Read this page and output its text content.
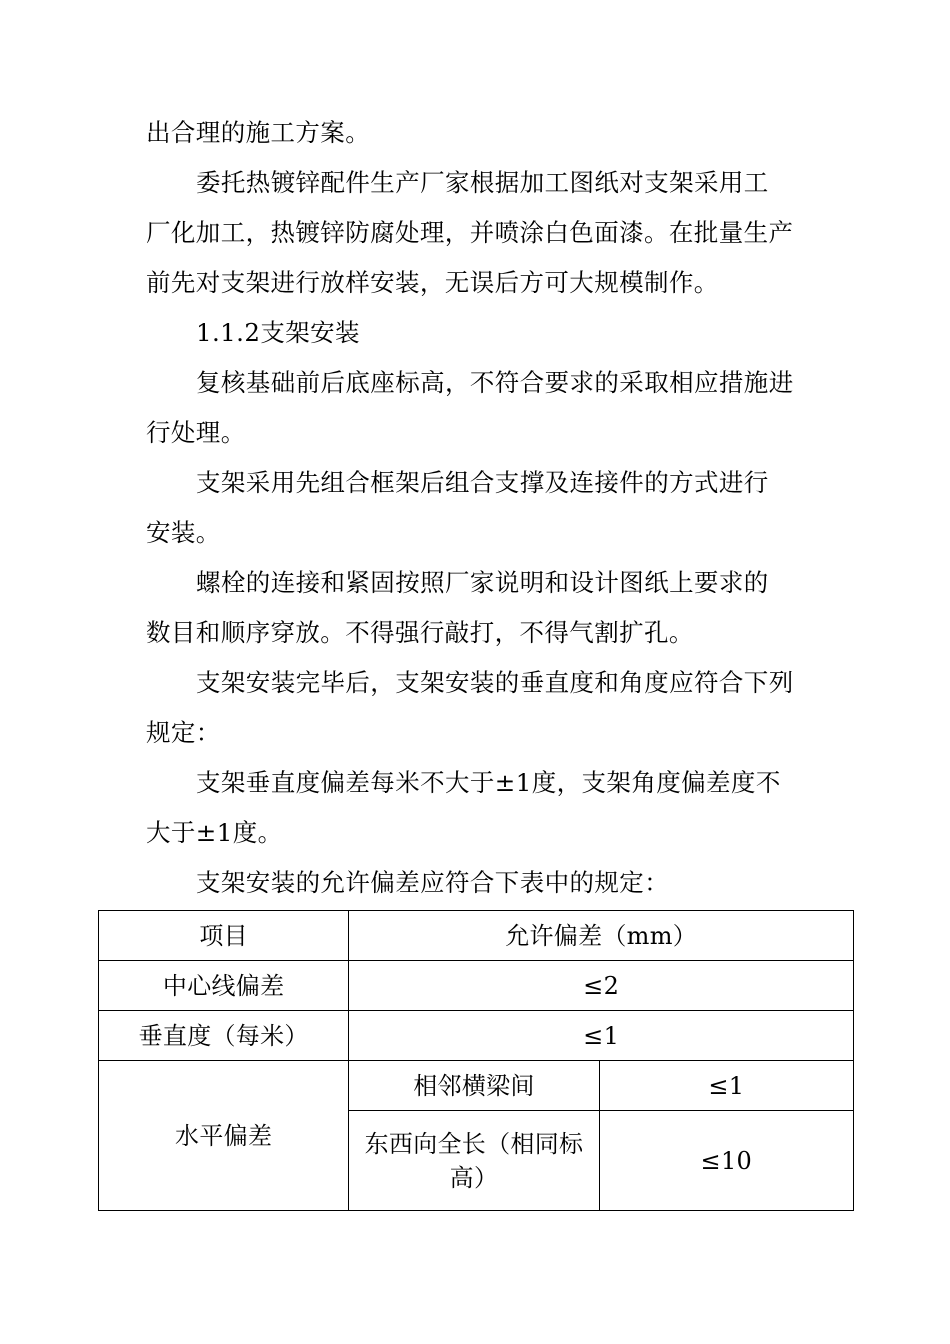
出合理的施工方案。
委托热镀锌配件生产厂家根据加工图纸对支架采用工
厂化加工，热镀锌防腐处理，并喷涂白色面漆。在批量生产
前先对支架进行放样安装，无误后方可大规模制作。
1.1.2支架安装
复核基础前后底座标高，不符合要求的采取相应措施进
行处理。
支架采用先组合框架后组合支撑及连接件的方式进行
安装。
螺栓的连接和紧固按照厂家说明和设计图纸上要求的
数目和顺序穿放。不得强行敲打，不得气割扩孔。
支架安装完毕后，支架安装的垂直度和角度应符合下列
规定：
支架垂直度偏差每米不大于±1度，支架角度偏差度不
大于±1度。
支架安装的允许偏差应符合下表中的规定：
项目	允许偏差（mm）	
中心线偏差	≤2	
垂直度（每米）	≤1	
水平偏差	相邻横梁间	≤1
	东西向全长（相同标高）	≤10
